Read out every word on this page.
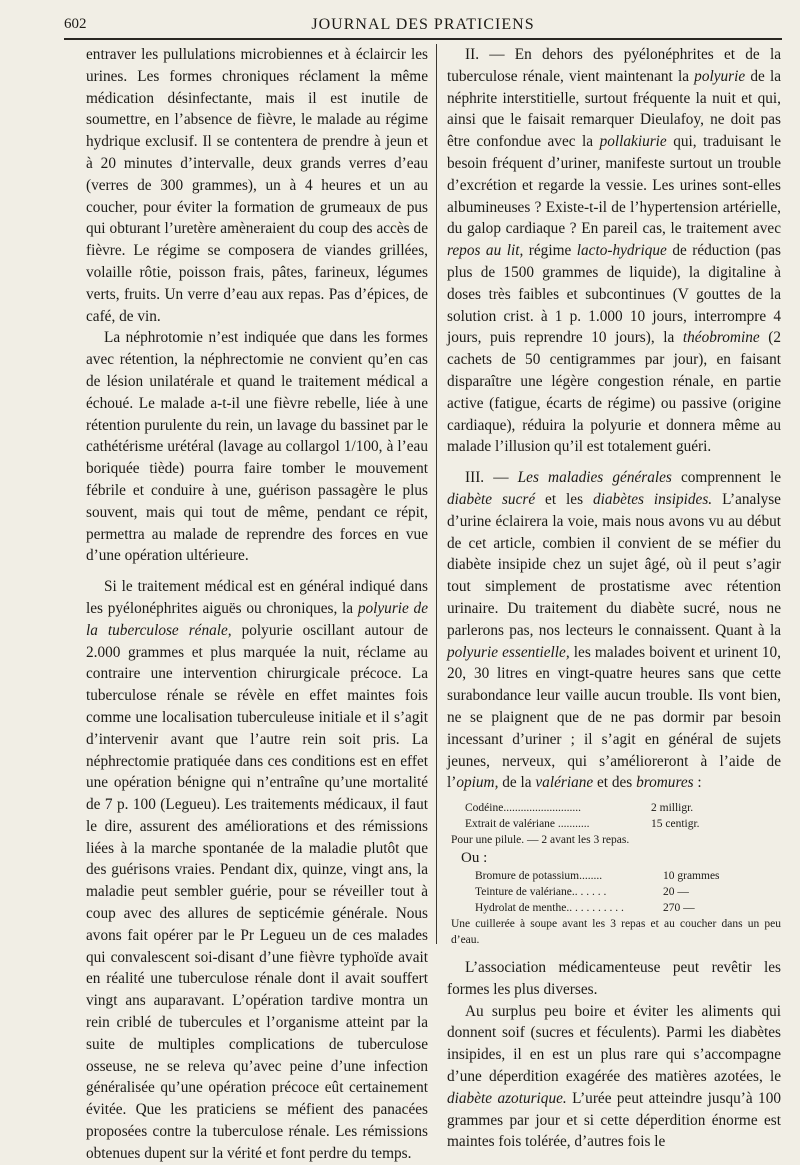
602	JOURNAL DES PRATICIENS

entraver les pullulations microbiennes et à éclaircir les urines. Les formes chroniques réclament la même médication désinfectante, mais il est inutile de soumettre, en l’absence de fièvre, le malade au régime hydrique exclusif. Il se contentera de prendre à jeun et à 20 minutes d’intervalle, deux grands verres d’eau (verres de 300 grammes), un à 4 heures et un au coucher, pour éviter la formation de grumeaux de pus qui obturant l’uretère amèneraient du coup des accès de fièvre. Le régime se composera de viandes grillées, volaille rôtie, poisson frais, pâtes, farineux, légumes verts, fruits. Un verre d’eau aux repas. Pas d’épices, de café, de vin.

La néphrotomie n’est indiquée que dans les formes avec rétention, la néphrectomie ne convient qu’en cas de lésion unilatérale et quand le traitement médical a échoué. Le malade a-t-il une fièvre rebelle, liée à une rétention purulente du rein, un lavage du bassinet par le cathétérisme urétéral (lavage au collargol 1/100, à l’eau boriquée tiède) pourra faire tomber le mouvement fébrile et conduire à une, guérison passagère le plus souvent, mais qui tout de même, pendant ce répit, permettra au malade de reprendre des forces en vue d’une opération ultérieure.

Si le traitement médical est en général indiqué dans les pyélonéphrites aiguës ou chroniques, la polyurie de la tuberculose rénale, polyurie oscillant autour de 2.000 grammes et plus marquée la nuit, réclame au contraire une intervention chirurgicale précoce. La tuberculose rénale se révèle en effet maintes fois comme une localisation tuberculeuse initiale et il s’agit d’intervenir avant que l’autre rein soit pris. La néphrectomie pratiquée dans ces conditions est en effet une opération bénigne qui n’entraîne qu’une mortalité de 7 p. 100 (Legueu). Les traitements médicaux, il faut le dire, assurent des améliorations et des rémissions liées à la marche spontanée de la maladie plutôt que des guérisons vraies. Pendant dix, quinze, vingt ans, la maladie peut sembler guérie, pour se réveiller tout à coup avec des allures de septicémie générale. Nous avons fait opérer par le Pr Legueu un de ces malades qui convalescent soi-disant d’une fièvre typhoïde avait en réalité une tuberculose rénale dont il avait souffert vingt ans auparavant. L’opération tardive montra un rein criblé de tubercules et l’organisme atteint par la suite de multiples complications de tuberculose osseuse, ne se releva qu’avec peine d’une infection généralisée qu’une opération précoce eût certainement évitée. Que les praticiens se méfient des panacées proposées contre la tuberculose rénale. Les rémissions obtenues dupent sur la vérité et font perdre du temps.

II. — En dehors des pyélonéphrites et de la tuberculose rénale, vient maintenant la polyurie de la néphrite interstitielle, surtout fréquente la nuit et qui, ainsi que le faisait remarquer Dieulafoy, ne doit pas être confondue avec la pollakiurie qui, traduisant le besoin fréquent d’uriner, manifeste surtout un trouble d’excrétion et regarde la vessie. Les urines sont-elles albumineuses ? Existe-t-il de l’hypertension artérielle, du galop cardiaque ? En pareil cas, le traitement avec repos au lit, régime lacto-hydrique de réduction (pas plus de 1500 grammes de liquide), la digitaline à doses très faibles et subcontinues (V gouttes de la solution crist. à 1 p. 1.000 10 jours, interrompre 4 jours, puis reprendre 10 jours), la théobromine (2 cachets de 50 centigrammes par jour), en faisant disparaître une légère congestion rénale, en partie active (fatigue, écarts de régime) ou passive (origine cardiaque), réduira la polyurie et donnera même au malade l’illusion qu’il est totalement guéri.

III. — Les maladies générales comprennent le diabète sucré et les diabètes insipides. L’analyse d’urine éclairera la voie, mais nous avons vu au début de cet article, combien il convient de se méfier du diabète insipide chez un sujet âgé, où il peut s’agir tout simplement de prostatisme avec rétention urinaire. Du traitement du diabète sucré, nous ne parlerons pas, nos lecteurs le connaissent. Quant à la polyurie essentielle, les malades boivent et urinent 10, 20, 30 litres en vingt-quatre heures sans que cette surabondance leur vaille aucun trouble. Ils vont bien, ne se plaignent que de ne pas dormir par besoin incessant d’uriner ; il s’agit en général de sujets jeunes, nerveux, qui s’amélioreront à l’aide de l’opium, de la valériane et des bromures :

Codéine...........................	2 milligr.
Extrait de valériane ...........	15 centigr.
Pour une pilule. — 2 avant les 3 repas.
Ou :
Bromure de potassium........	10 grammes
Teinture de valériane.. . . . . .	20 —
Hydrolat de menthe.. . . . . . . . . .	270 —
Une cuillerée à soupe avant les 3 repas et au coucher dans un peu d’eau.

L’association médicamenteuse peut revêtir les formes les plus diverses.

Au surplus peu boire et éviter les aliments qui donnent soif (sucres et féculents). Parmi les diabètes insipides, il en est un plus rare qui s’accompagne d’une déperdition exagérée des matières azotées, le diabète azoturique. L’urée peut atteindre jusqu’à 100 grammes par jour et si cette déperdition énorme est maintes fois tolérée, d’autres fois le
